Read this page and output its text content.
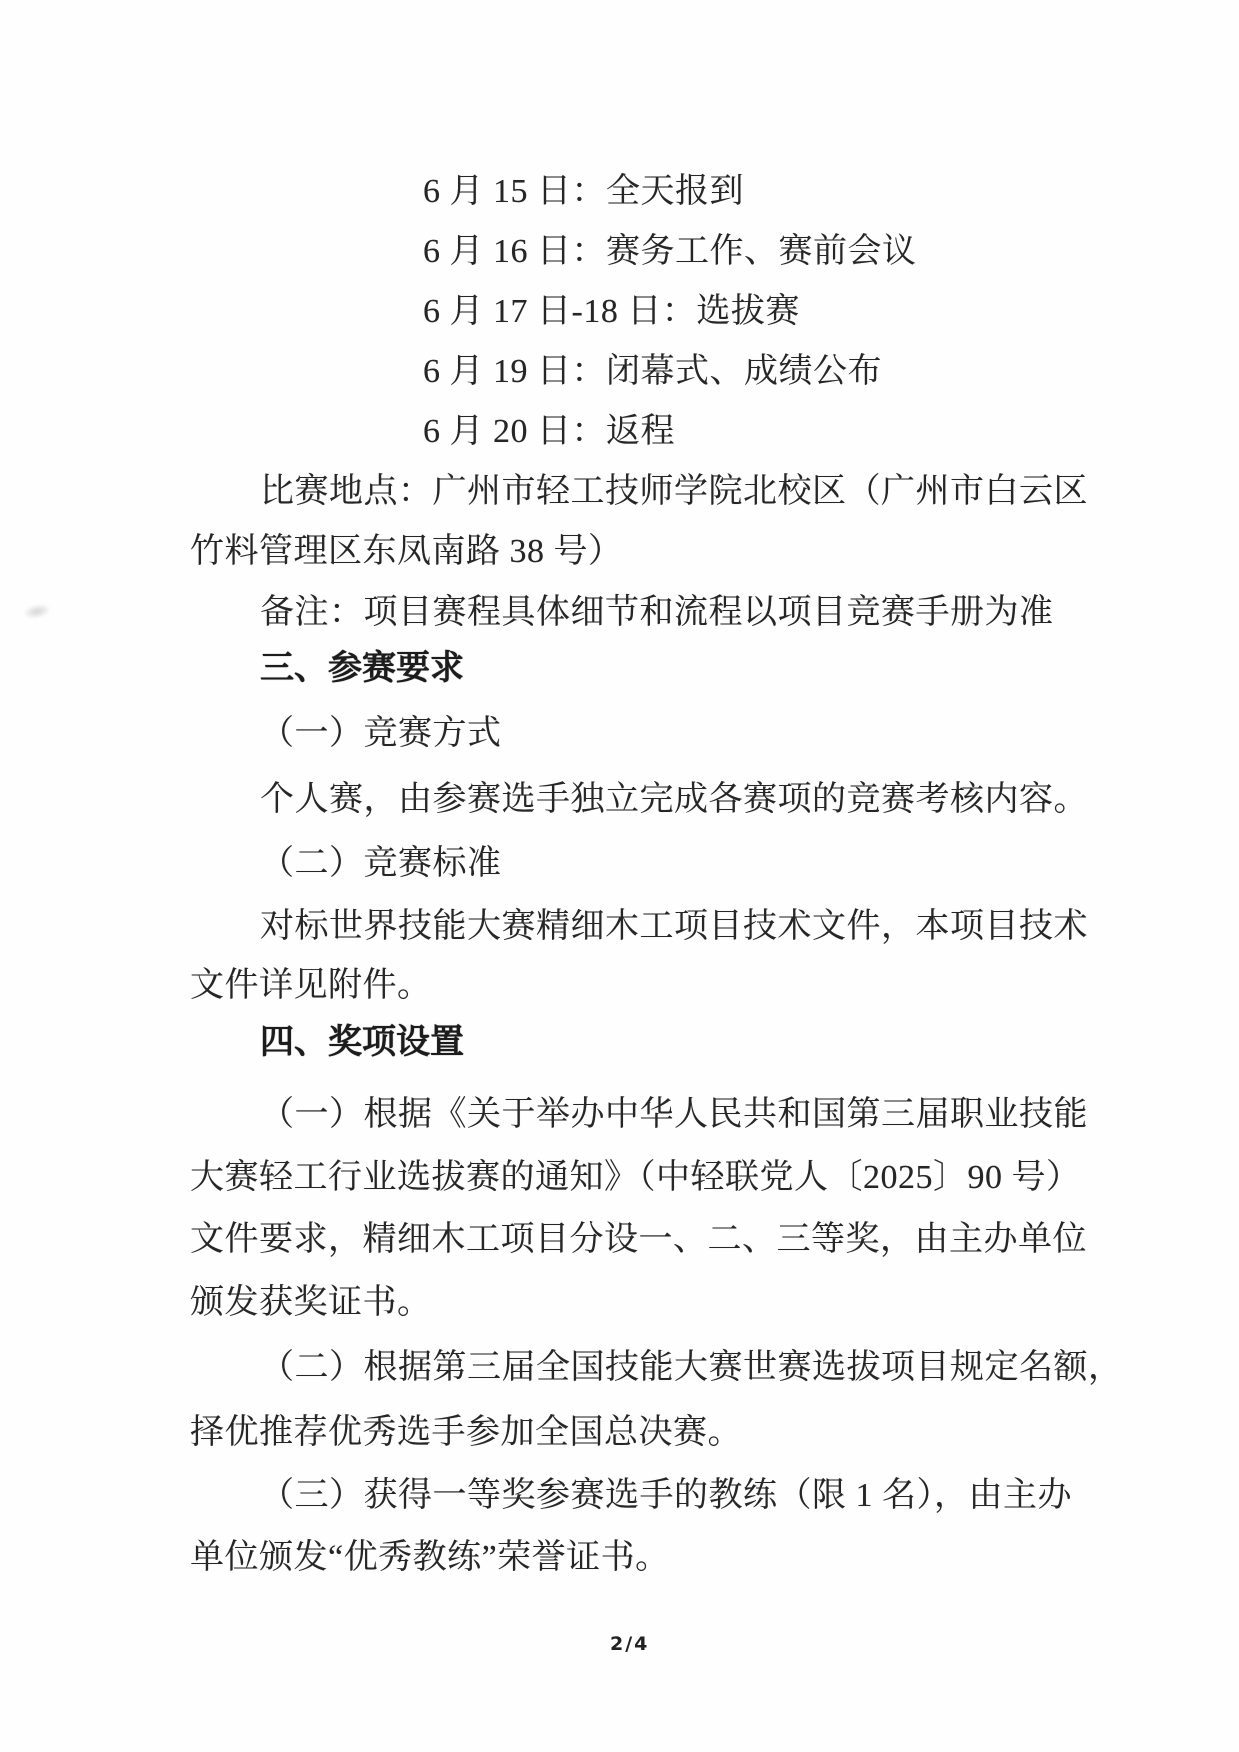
6 月 15 日：全天报到
6 月 16 日：赛务工作、赛前会议
6 月 17 日-18 日：选拔赛
6 月 19 日：闭幕式、成绩公布
6 月 20 日：返程
比赛地点：广州市轻工技师学院北校区（广州市白云区
竹料管理区东凤南路 38 号）
备注：项目赛程具体细节和流程以项目竞赛手册为准
三、参赛要求
（一）竞赛方式
个人赛，由参赛选手独立完成各赛项的竞赛考核内容。
（二）竞赛标准
对标世界技能大赛精细木工项目技术文件，本项目技术
文件详见附件。
四、奖项设置
（一）根据《关于举办中华人民共和国第三届职业技能
大赛轻工行业选拔赛的通知》（中轻联党人〔2025〕90 号）
文件要求，精细木工项目分设一、二、三等奖，由主办单位
颁发获奖证书。
（二）根据第三届全国技能大赛世赛选拔项目规定名额，
择优推荐优秀选手参加全国总决赛。
（三）获得一等奖参赛选手的教练（限 1 名），由主办
单位颁发“优秀教练”荣誉证书。
2/4
